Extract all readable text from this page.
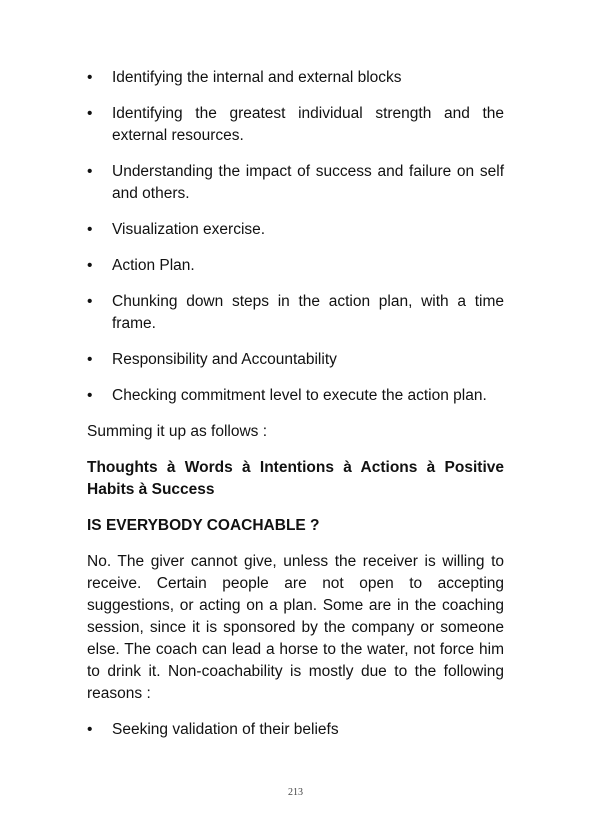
•	Identifying the internal and external blocks
•	Identifying the greatest individual strength and the external resources.
•	Understanding the impact of success and failure on self and others.
•	Visualization exercise.
•	Action Plan.
•	Chunking down steps in the action plan, with a time frame.
•	Responsibility and Accountability
•	Checking commitment level to execute the action plan.

Summing it up as follows :

Thoughts à Words à Intentions à Actions à Positive Habits à Success

IS EVERYBODY COACHABLE ?

No. The giver cannot give, unless the receiver is willing to receive. Certain people are not open to accepting suggestions, or acting on a plan. Some are in the coaching session, since it is sponsored by the company or someone else. The coach can lead a horse to the water, not force him to drink it. Non-coachability is mostly due to the following reasons :

•	Seeking validation of their beliefs
213
